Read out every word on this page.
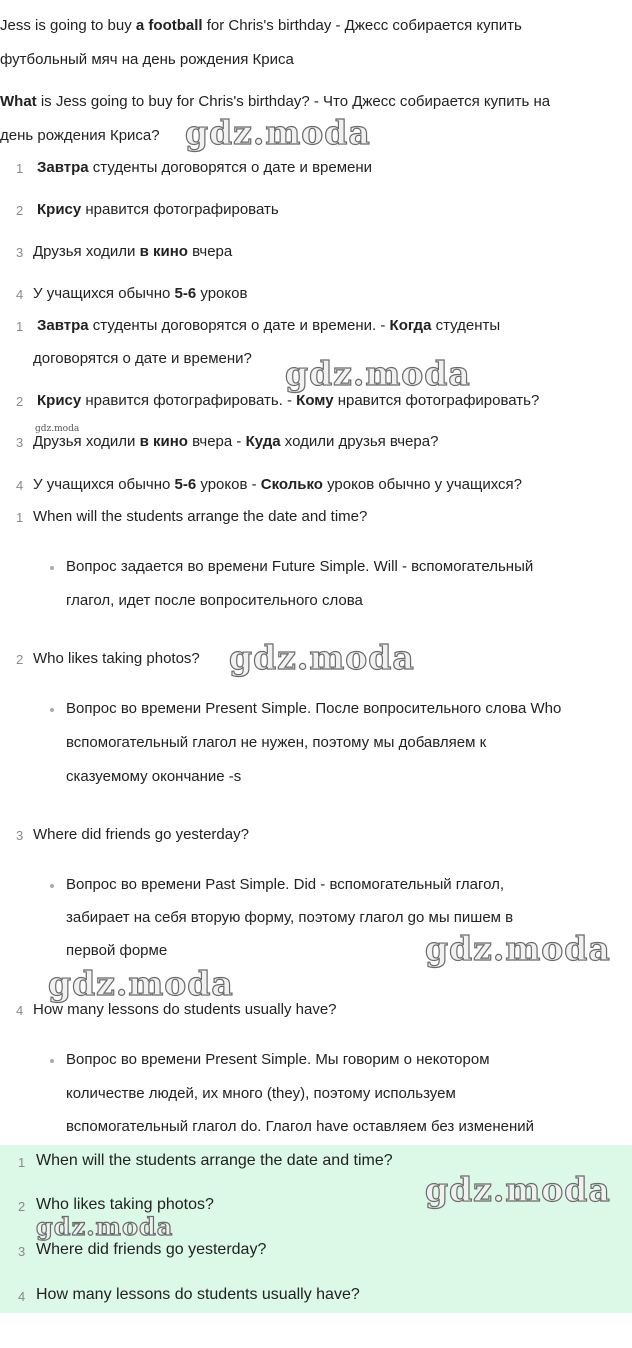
Jess is going to buy a football for Chris's birthday - Джесс собирается купить
футбольный мяч на день рождения Криса
What is Jess going to buy for Chris's birthday? - Что Джесс собирается купить на
день рождения Криса?
1 Завтра студенты договорятся о дате и времени
2 Крису нравится фотографировать
3 Друзья ходили в кино вчера
4 У учащихся обычно 5-6 уроков
1 Завтра студенты договорятся о дате и времени. - Когда студенты
договорятся о дате и времени?
2 Крису нравится фотографировать. - Кому нравится фотографировать?
3 Друзья ходили в кино вчера - Куда ходили друзья вчера?
4 У учащихся обычно 5-6 уроков - Сколько уроков обычно у учащихся?
1 When will the students arrange the date and time?
Вопрос задается во времени Future Simple. Will - вспомогательный
глагол, идет после вопросительного слова
2 Who likes taking photos?
Вопрос во времени Present Simple. После вопросительного слова Who
вспомогательный глагол не нужен, поэтому мы добавляем к
сказуемому окончание -s
3 Where did friends go yesterday?
Вопрос во времени Past Simple. Did - вспомогательный глагол,
забирает на себя вторую форму, поэтому глагол go мы пишем в
первой форме
4 How many lessons do students usually have?
Вопрос во времени Present Simple. Мы говорим о некотором
количестве людей, их много (they), поэтому используем
вспомогательный глагол do. Глагол have оставляем без изменений
1 When will the students arrange the date and time?
2 Who likes taking photos?
3 Where did friends go yesterday?
4 How many lessons do students usually have?
gdz.moda
gdz.moda
gdz.moda
gdz.moda
gdz.moda
gdz.moda
gdz.moda
gdz.moda
